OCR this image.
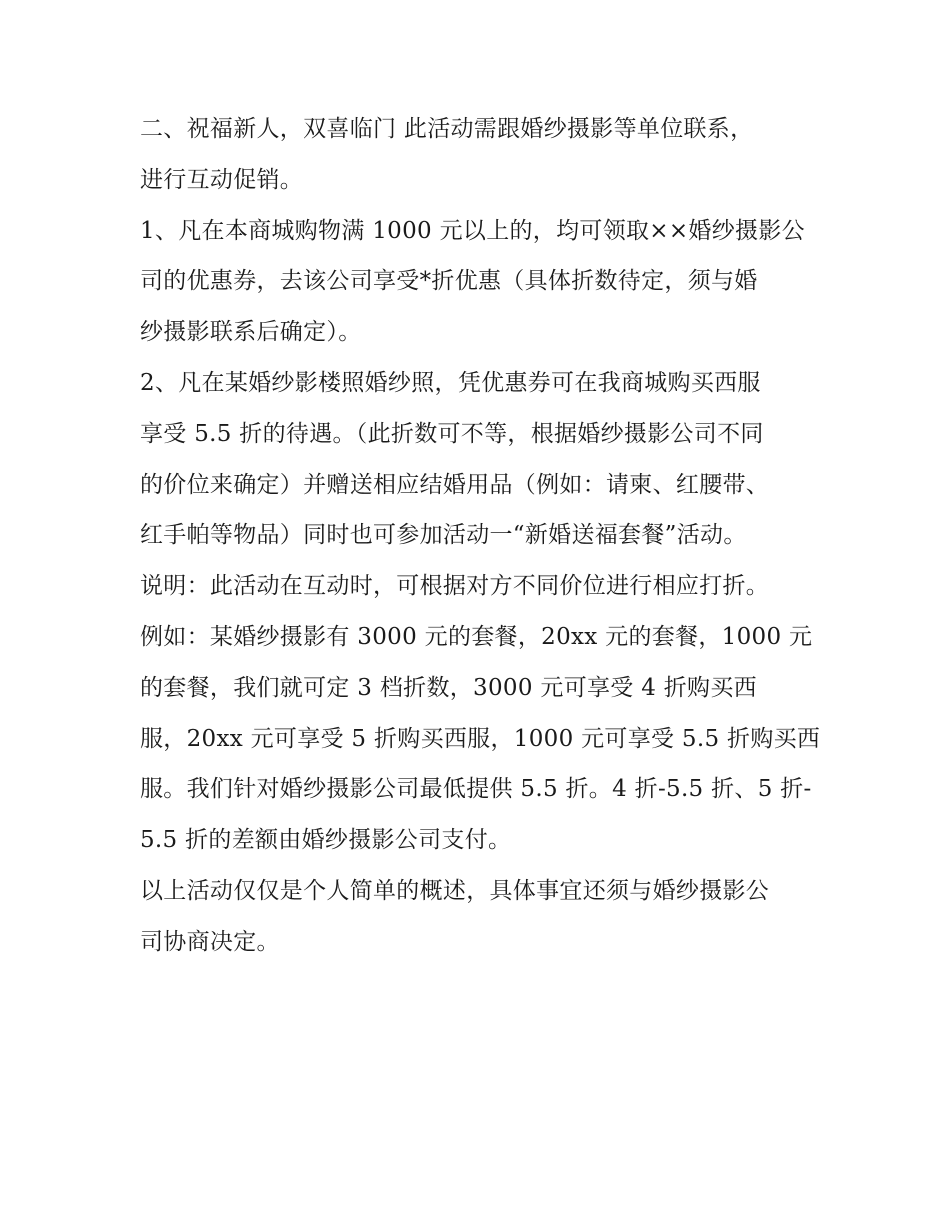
二、祝福新人，双喜临门 此活动需跟婚纱摄影等单位联系，
进行互动促销。
1、凡在本商城购物满 1000 元以上的，均可领取××婚纱摄影公
司的优惠券，去该公司享受*折优惠（具体折数待定，须与婚
纱摄影联系后确定）。
2、凡在某婚纱影楼照婚纱照，凭优惠券可在我商城购买西服
享受 5.5 折的待遇。（此折数可不等，根据婚纱摄影公司不同
的价位来确定）并赠送相应结婚用品（例如：请柬、红腰带、
红手帕等物品）同时也可参加活动一“新婚送福套餐”活动。
说明：此活动在互动时，可根据对方不同价位进行相应打折。
例如：某婚纱摄影有 3000 元的套餐，20xx 元的套餐，1000 元
的套餐，我们就可定 3 档折数，3000 元可享受 4 折购买西
服，20xx 元可享受 5 折购买西服，1000 元可享受 5.5 折购买西
服。我们针对婚纱摄影公司最低提供 5.5 折。4 折-5.5 折、5 折-
5.5 折的差额由婚纱摄影公司支付。
以上活动仅仅是个人简单的概述，具体事宜还须与婚纱摄影公
司协商决定。
